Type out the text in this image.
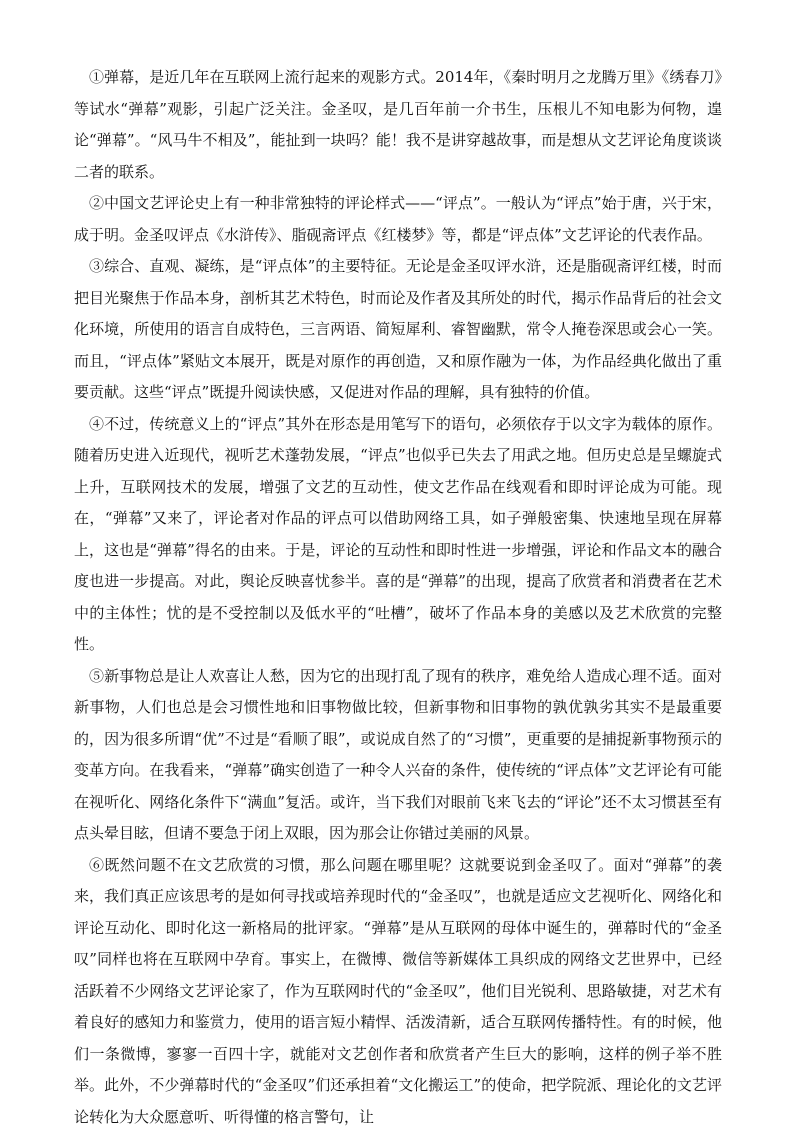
①弹幕，是近几年在互联网上流行起来的观影方式。2014年，《秦时明月之龙腾万里》《绣春刀》等试水“弹幕”观影，引起广泛关注。金圣叹，是几百年前一介书生，压根儿不知电影为何物，遑论“弹幕”。“风马牛不相及”，能扯到一块吗？能！我不是讲穿越故事，而是想从文艺评论角度谈谈二者的联系。

②中国文艺评论史上有一种非常独特的评论样式——“评点”。一般认为“评点”始于唐，兴于宋，成于明。金圣叹评点《水浒传》、脂砚斋评点《红楼梦》等，都是“评点体”文艺评论的代表作品。

③综合、直观、凝练，是“评点体”的主要特征。无论是金圣叹评水浒，还是脂砚斋评红楼，时而把目光聚焦于作品本身，剖析其艺术特色，时而论及作者及其所处的时代，揭示作品背后的社会文化环境，所使用的语言自成特色，三言两语、简短犀利、睿智幽默，常令人掩卷深思或会心一笑。而且，“评点体”紧贴文本展开，既是对原作的再创造，又和原作融为一体，为作品经典化做出了重要贡献。这些“评点”既提升阅读快感，又促进对作品的理解，具有独特的价值。

④不过，传统意义上的“评点”其外在形态是用笔写下的语句，必须依存于以文字为载体的原作。随着历史进入近现代，视听艺术蓬勃发展，“评点”也似乎已失去了用武之地。但历史总是呈螺旋式上升，互联网技术的发展，增强了文艺的互动性，使文艺作品在线观看和即时评论成为可能。现在，“弹幕”又来了，评论者对作品的评点可以借助网络工具，如子弹般密集、快速地呈现在屏幕上，这也是“弹幕”得名的由来。于是，评论的互动性和即时性进一步增强，评论和作品文本的融合度也进一步提高。对此，舆论反映喜忧参半。喜的是“弹幕”的出现，提高了欣赏者和消费者在艺术中的主体性；忧的是不受控制以及低水平的“吐槽”，破坏了作品本身的美感以及艺术欣赏的完整性。

⑤新事物总是让人欢喜让人愁，因为它的出现打乱了现有的秩序，难免给人造成心理不适。面对新事物，人们也总是会习惯性地和旧事物做比较，但新事物和旧事物的孰优孰劣其实不是最重要的，因为很多所谓“优”不过是“看顺了眼”，或说成自然了的“习惯”，更重要的是捕捉新事物预示的变革方向。在我看来，“弹幕”确实创造了一种令人兴奋的条件，使传统的“评点体”文艺评论有可能在视听化、网络化条件下“满血”复活。或许，当下我们对眼前飞来飞去的“评论”还不太习惯甚至有点头晕目眩，但请不要急于闭上双眼，因为那会让你错过美丽的风景。

⑥既然问题不在文艺欣赏的习惯，那么问题在哪里呢？这就要说到金圣叹了。面对“弹幕”的袭来，我们真正应该思考的是如何寻找或培养现时代的“金圣叹”，也就是适应文艺视听化、网络化和评论互动化、即时化这一新格局的批评家。“弹幕”是从互联网的母体中诞生的，弹幕时代的“金圣叹”同样也将在互联网中孕育。事实上，在微博、微信等新媒体工具织成的网络文艺世界中，已经活跃着不少网络文艺评论家了，作为互联网时代的“金圣叹”，他们目光锐利、思路敏捷，对艺术有着良好的感知力和鉴赏力，使用的语言短小精悍、活泼清新，适合互联网传播特性。有的时候，他们一条微博，寥寥一百四十字，就能对文艺创作者和欣赏者产生巨大的影响，这样的例子举不胜举。此外，不少弹幕时代的“金圣叹”们还承担着“文化搬运工”的使命，把学院派、理论化的文艺评论转化为大众愿意听、听得懂的格言警句，让
